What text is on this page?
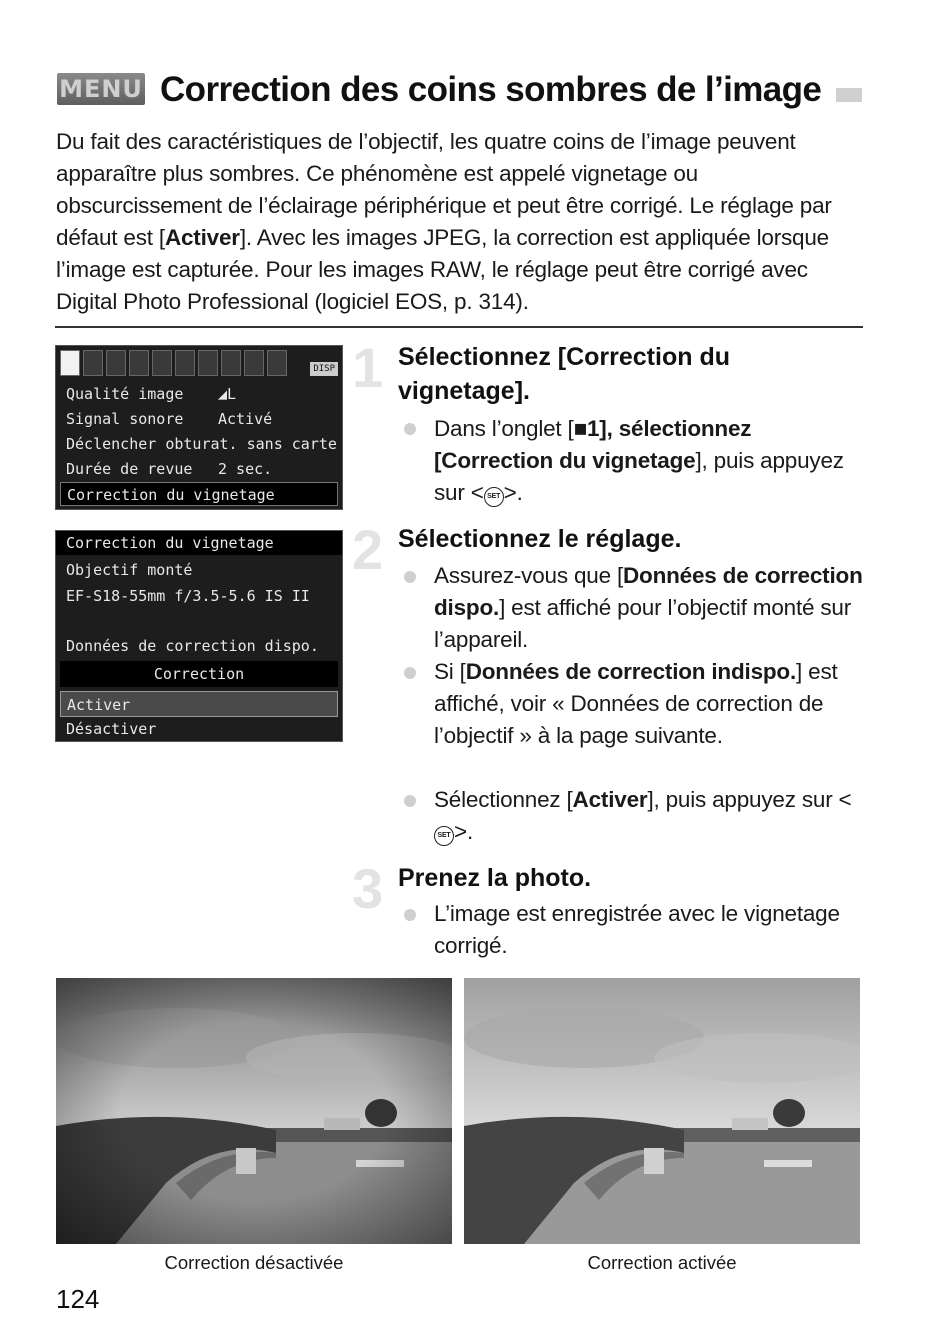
MENU Correction des coins sombres de l’image

Du fait des caractéristiques de l’objectif, les quatre coins de l’image peuvent apparaître plus sombres. Ce phénomène est appelé vignetage ou obscurcissement de l’éclairage périphérique et peut être corrigé. Le réglage par défaut est [Activer]. Avec les images JPEG, la correction est appliquée lorsque l’image est capturée. Pour les images RAW, le réglage peut être corrigé avec Digital Photo Professional (logiciel EOS, p. 314).

DISP
Qualité image ◢L
Signal sonore Activé
Déclencher obturat. sans carte
Durée de revue 2 sec.
Correction du vignetage
Correction du vignetage
Objectif monté
EF-S18-55mm f/3.5-5.6 IS II
Données de correction dispo.
Correction
Activer
Désactiver
1 Sélectionnez [Correction du vignetage].

Dans l’onglet [■1], sélectionnez [Correction du vignetage], puis appuyez sur < SET >.

2 Sélectionnez le réglage.

Assurez-vous que [Données de correction dispo.] est affiché pour l’objectif monté sur l’appareil.

Si [Données de correction indispo.] est affiché, voir « Données de correction de l’objectif » à la page suivante.

Sélectionnez [Activer], puis appuyez sur <SET >.

3 Prenez la photo.

L’image est enregistrée avec le vignetage corrigé.

Correction désactivée	Correction activée
124
